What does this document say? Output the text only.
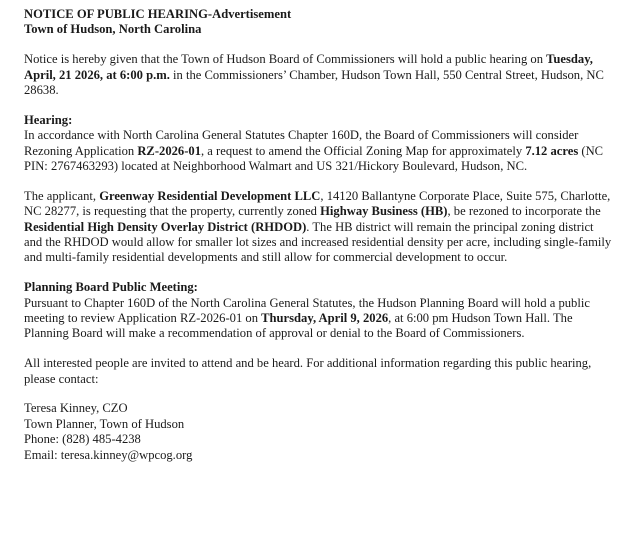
NOTICE OF PUBLIC HEARING-Advertisement

Town of Hudson, North Carolina

Notice is hereby given that the Town of Hudson Board of Commissioners will hold a public hearing on Tuesday, April, 21 2026, at 6:00 p.m. in the Commissioners’ Chamber, Hudson Town Hall, 550 Central Street, Hudson, NC 28638.

Hearing:

In accordance with North Carolina General Statutes Chapter 160D, the Board of Commissioners will consider Rezoning Application RZ-2026-01, a request to amend the Official Zoning Map for approximately 7.12 acres (NC PIN: 2767463293) located at Neighborhood Walmart and US 321/Hickory Boulevard, Hudson, NC.

The applicant, Greenway Residential Development LLC, 14120 Ballantyne Corporate Place, Suite 575, Charlotte, NC 28277, is requesting that the property, currently zoned Highway Business (HB), be rezoned to incorporate the Residential High Density Overlay District (RHDOD). The HB district will remain the principal zoning district and the RHDOD would allow for smaller lot sizes and increased residential density per acre, including single-family and multi-family residential developments and still allow for commercial development to occur.

Planning Board Public Meeting:

Pursuant to Chapter 160D of the North Carolina General Statutes, the Hudson Planning Board will hold a public meeting to review Application RZ-2026-01 on Thursday, April 9, 2026, at 6:00 pm Hudson Town Hall. The Planning Board will make a recommendation of approval or denial to the Board of Commissioners.

All interested people are invited to attend and be heard. For additional information regarding this public hearing, please contact:

Teresa Kinney, CZO

Town Planner, Town of Hudson

Phone: (828) 485-4238

Email: teresa.kinney@wpcog.org
